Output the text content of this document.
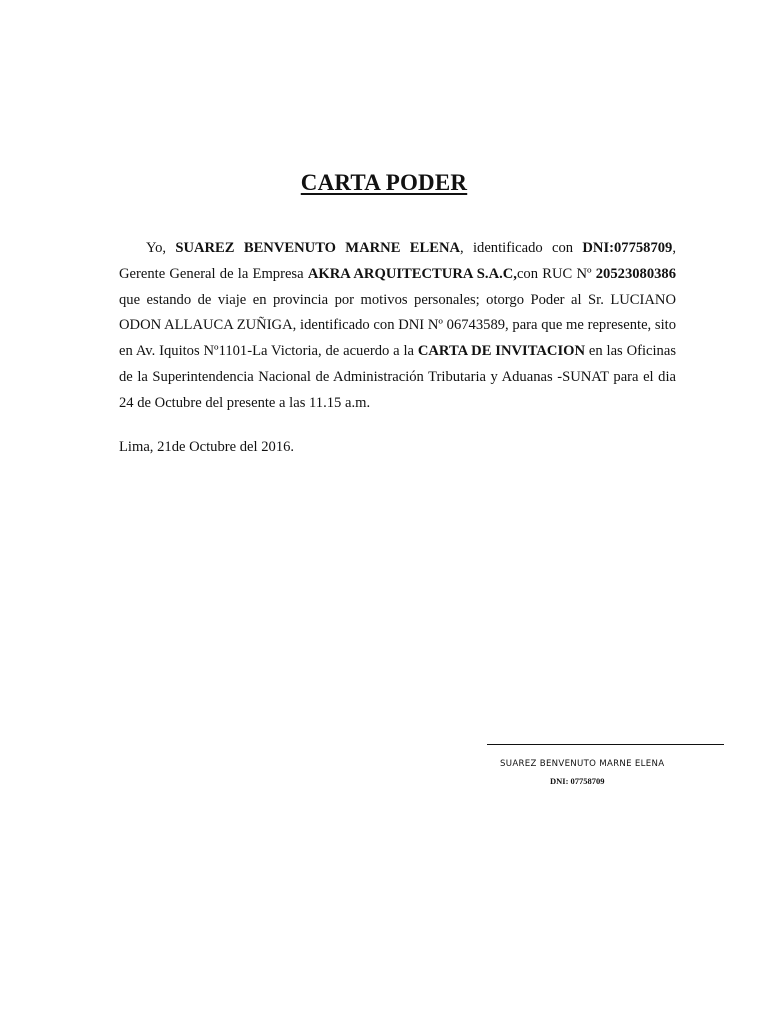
CARTA PODER

Yo, SUAREZ BENVENUTO MARNE ELENA, identificado con DNI:07758709, Gerente General de la Empresa AKRA ARQUITECTURA S.A.C,con RUC Nº 20523080386 que estando de viaje en provincia por motivos personales; otorgo Poder al Sr. LUCIANO ODON ALLAUCA ZUÑIGA, identificado con DNI Nº 06743589, para que me represente, sito en Av. Iquitos Nº1101-La Victoria, de acuerdo a la CARTA DE INVITACION en las Oficinas de la Superintendencia Nacional de Administración Tributaria y Aduanas -SUNAT para el dia 24 de Octubre del presente a las 11.15 a.m.

Lima, 21de Octubre del 2016.

SUAREZ BENVENUTO MARNE ELENA
DNI: 07758709
